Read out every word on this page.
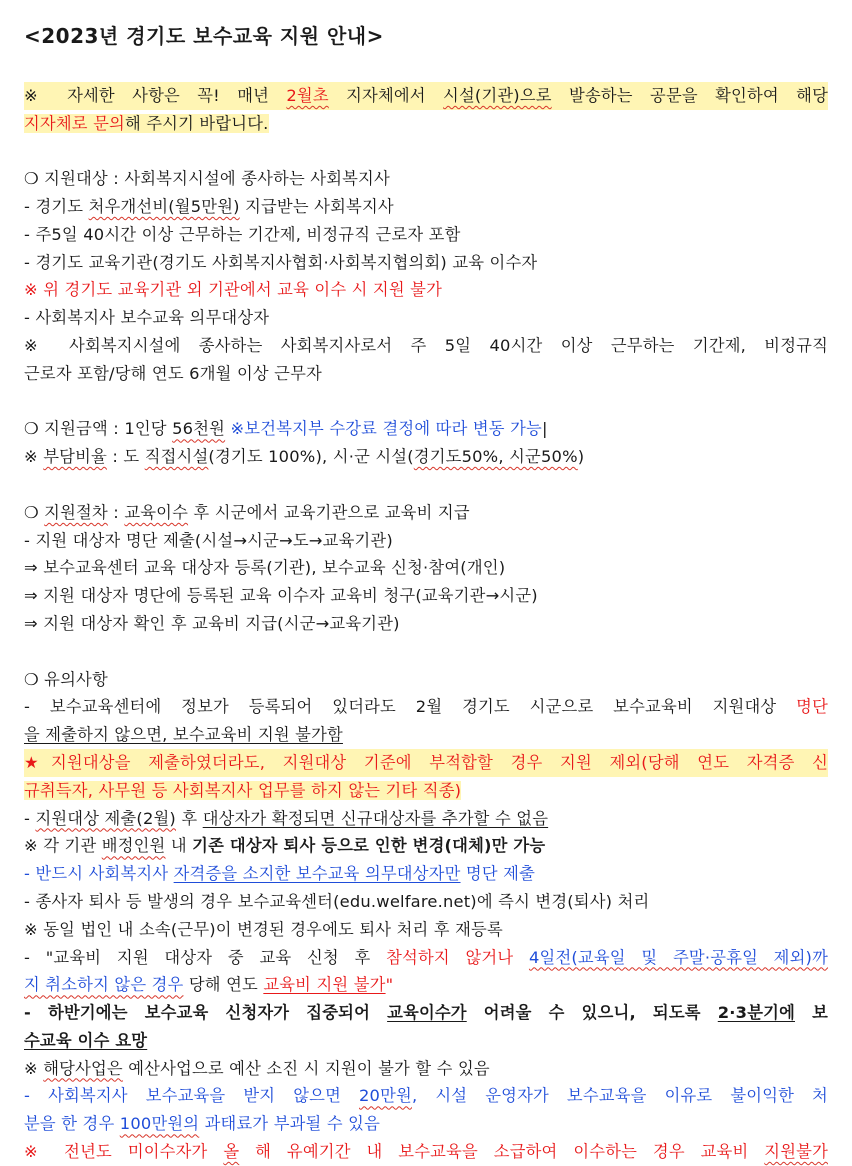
<2023년 경기도 보수교육 지원 안내>
※ 자세한 사항은 꼭! 매년 2월초 지자체에서 시설(기관)으로 발송하는 공문을 확인하여 해당
지자체로 문의해 주시기 바랍니다.
❍ 지원대상 : 사회복지시설에 종사하는 사회복지사
- 경기도 처우개선비(월5만원) 지급받는 사회복지사
- 주5일 40시간 이상 근무하는 기간제, 비정규직 근로자 포함
- 경기도 교육기관(경기도 사회복지사협회·사회복지협의회) 교육 이수자
※ 위 경기도 교육기관 외 기관에서 교육 이수 시 지원 불가
- 사회복지사 보수교육 의무대상자
※ 사회복지시설에 종사하는 사회복지사로서 주 5일 40시간 이상 근무하는 기간제, 비정규직
근로자 포함/당해 연도 6개월 이상 근무자
❍ 지원금액 : 1인당 56천원 ※보건복지부 수강료 결정에 따라 변동 가능|
※ 부담비율 : 도 직접시설(경기도 100%), 시·군 시설(경기도50%, 시군50%)
❍ 지원절차 : 교육이수 후 시군에서 교육기관으로 교육비 지급
- 지원 대상자 명단 제출(시설→시군→도→교육기관)
⇒ 보수교육센터 교육 대상자 등록(기관), 보수교육 신청·참여(개인)
⇒ 지원 대상자 명단에 등록된 교육 이수자 교육비 청구(교육기관→시군)
⇒ 지원 대상자 확인 후 교육비 지급(시군→교육기관)
❍ 유의사항
- 보수교육센터에 정보가 등록되어 있더라도 2월 경기도 시군으로 보수교육비 지원대상 명단
을 제출하지 않으면, 보수교육비 지원 불가함
★지원대상을 제출하였더라도, 지원대상 기준에 부적합할 경우 지원 제외(당해 연도 자격증 신
규취득자, 사무원 등 사회복지사 업무를 하지 않는 기타 직종)
- 지원대상 제출(2월) 후 대상자가 확정되면 신규대상자를 추가할 수 없음
※ 각 기관 배정인원 내 기존 대상자 퇴사 등으로 인한 변경(대체)만 가능
- 반드시 사회복지사 자격증을 소지한 보수교육 의무대상자만 명단 제출
- 종사자 퇴사 등 발생의 경우 보수교육센터(edu.welfare.net)에 즉시 변경(퇴사) 처리
※ 동일 법인 내 소속(근무)이 변경된 경우에도 퇴사 처리 후 재등록
- "교육비 지원 대상자 중 교육 신청 후 참석하지 않거나 4일전(교육일 및 주말·공휴일 제외)까
지 취소하지 않은 경우 당해 연도 교육비 지원 불가"
- 하반기에는 보수교육 신청자가 집중되어 교육이수가 어려울 수 있으니, 되도록 2·3분기에 보
수교육 이수 요망
※ 해당사업은 예산사업으로 예산 소진 시 지원이 불가 할 수 있음
- 사회복지사 보수교육을 받지 않으면 20만원, 시설 운영자가 보수교육을 이유로 불이익한 처
분을 한 경우 100만원의 과태료가 부과될 수 있음
※ 전년도 미이수자가 올 해 유예기간 내 보수교육을 소급하여 이수하는 경우 교육비 지원불가
